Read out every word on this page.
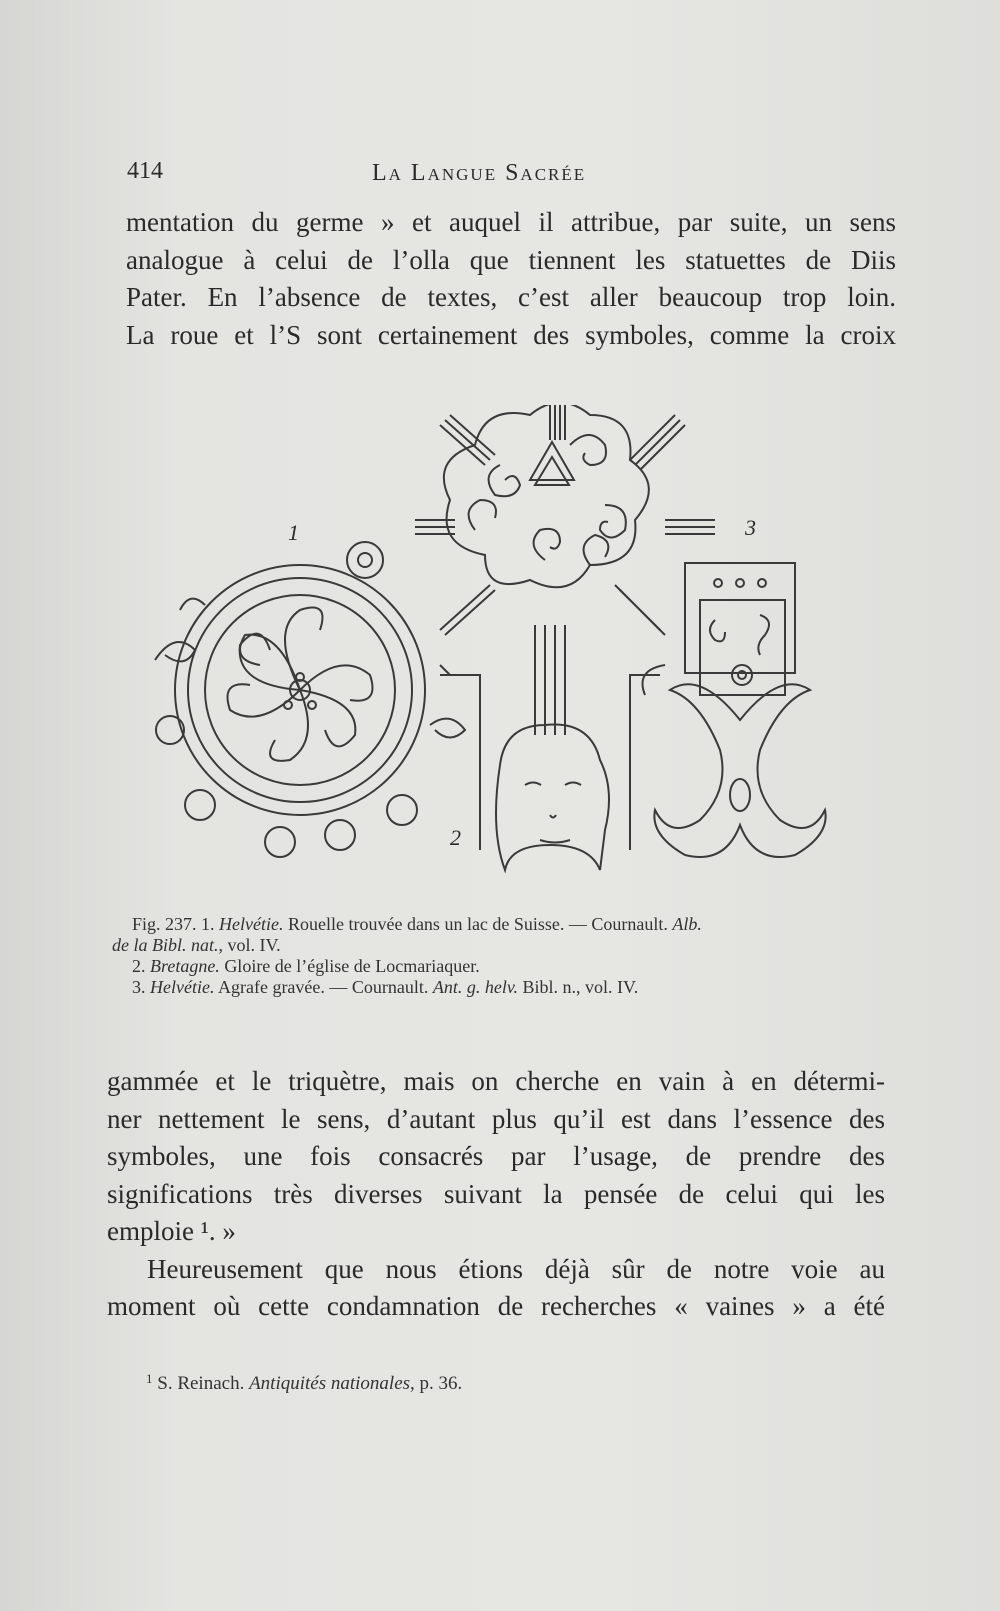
414	La Langue Sacrée
mentation du germe » et auquel il attribue, par suite, un sens
analogue à celui de l’olla que tiennent les statuettes de Diis
Pater. En l’absence de textes, c’est aller beaucoup trop loin.
La roue et l’S sont certainement des symboles, comme la croix
1
2
3
Fig. 237. 1. Helvétie. Rouelle trouvée dans un lac de Suisse. — Cournault. Alb.
de la Bibl. nat., vol. IV.
2. Bretagne. Gloire de l’église de Locmariaquer.
3. Helvétie. Agrafe gravée. — Cournault. Ant. g. helv. Bibl. n., vol. IV.
gammée et le triquètre, mais on cherche en vain à en détermi-
ner nettement le sens, d’autant plus qu’il est dans l’essence des
symboles, une fois consacrés par l’usage, de prendre des
significations très diverses suivant la pensée de celui qui les
emploie ¹. »
Heureusement que nous étions déjà sûr de notre voie au
moment où cette condamnation de recherches « vaines » a été
$^1$ S. Reinach. Antiquités nationales, p. 36.
